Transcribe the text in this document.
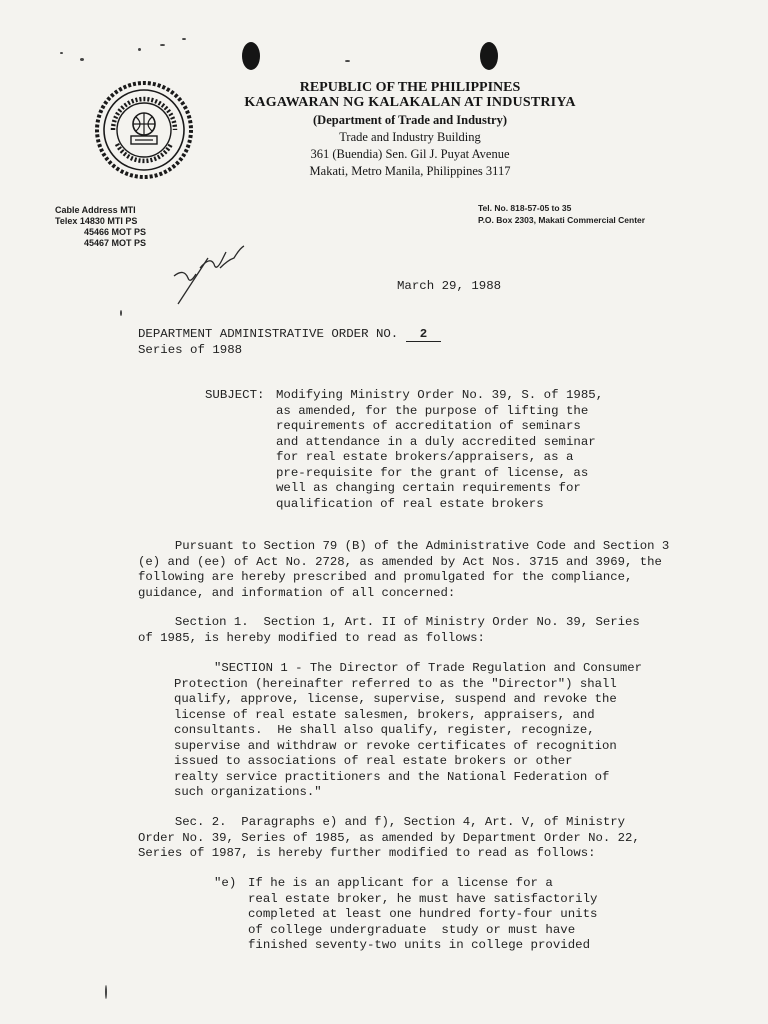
REPUBLIC OF THE PHILIPPINES
KAGAWARAN NG KALAKALAN AT INDUSTRIYA
(Department of Trade and Industry)
Trade and Industry Building
361 (Buendia) Sen. Gil J. Puyat Avenue
Makati, Metro Manila, Philippines 3117
Cable Address MTI
Telex 14830 MTI PS
45466 MOT PS
45467 MOT PS
Tel. No. 818-57-05 to 35
P.O. Box 2303, Makati Commercial Center
March 29, 1988
DEPARTMENT ADMINISTRATIVE ORDER NO. 2
Series of 1988
SUBJECT: Modifying Ministry Order No. 39, S. of 1985,
as amended, for the purpose of lifting the
requirements of accreditation of seminars
and attendance in a duly accredited seminar
for real estate brokers/appraisers, as a
pre-requisite for the grant of license, as
well as changing certain requirements for
qualification of real estate brokers
Pursuant to Section 79 (B) of the Administrative Code and Section 3
(e) and (ee) of Act No. 2728, as amended by Act Nos. 3715 and 3969, the
following are hereby prescribed and promulgated for the compliance,
guidance, and information of all concerned:
Section 1.  Section 1, Art. II of Ministry Order No. 39, Series
of 1985, is hereby modified to read as follows:
"SECTION 1 - The Director of Trade Regulation and Consumer
Protection (hereinafter referred to as the "Director") shall
qualify, approve, license, supervise, suspend and revoke the
license of real estate salesmen, brokers, appraisers, and
consultants.  He shall also qualify, register, recognize,
supervise and withdraw or revoke certificates of recognition
issued to associations of real estate brokers or other
realty service practitioners and the National Federation of
such organizations."
Sec. 2.  Paragraphs e) and f), Section 4, Art. V, of Ministry
Order No. 39, Series of 1985, as amended by Department Order No. 22,
Series of 1987, is hereby further modified to read as follows:
"e) If he is an applicant for a license for a
real estate broker, he must have satisfactorily
completed at least one hundred forty-four units
of college undergraduate  study or must have
finished seventy-two units in college provided
